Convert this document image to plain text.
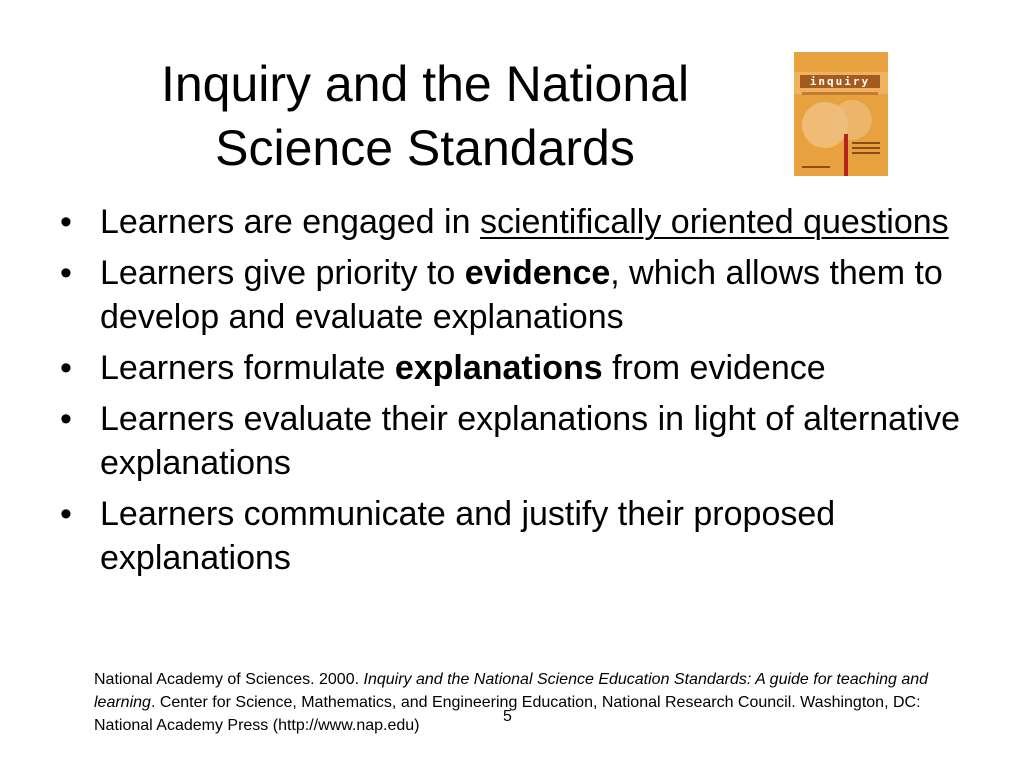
Inquiry and the National
Science Standards
inquiry
• Learners are engaged in scientifically oriented questions
• Learners give priority to evidence, which allows them to develop and evaluate explanations
• Learners formulate explanations from evidence
• Learners evaluate their explanations in light of alternative explanations
• Learners communicate and justify their proposed explanations

National Academy of Sciences. 2000. Inquiry and the National Science Education Standards: A guide for teaching and learning. Center for Science, Mathematics, and Engineering Education, National Research Council. Washington, DC: National Academy Press (http://www.nap.edu)

5
